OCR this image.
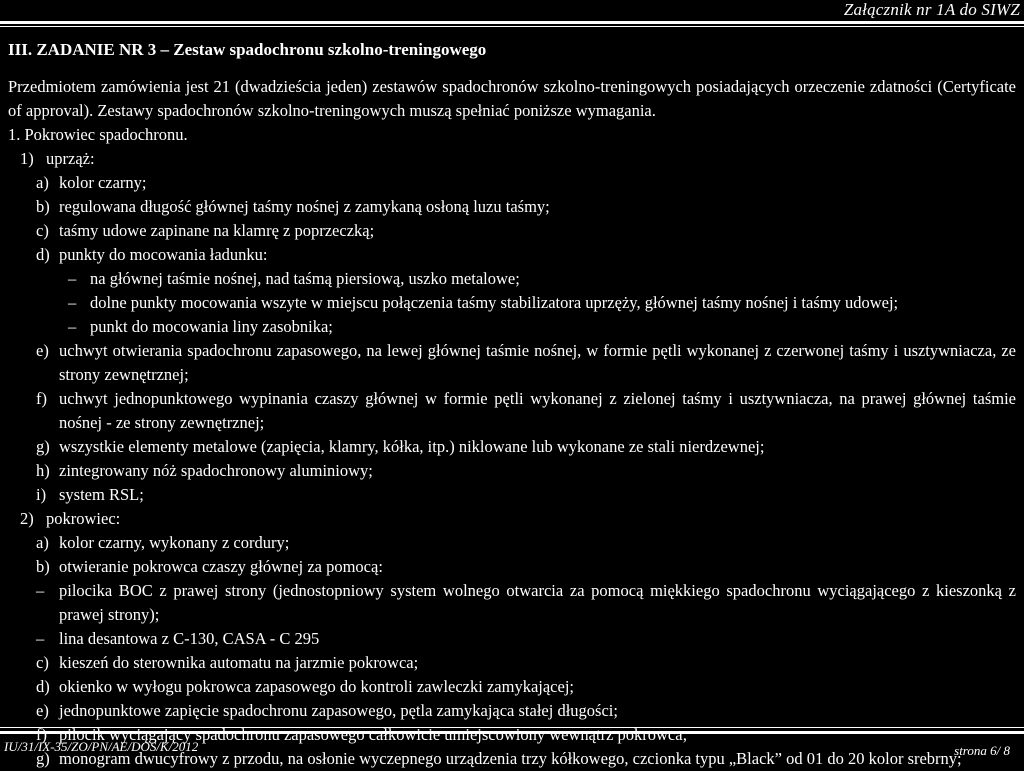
Załącznik nr 1A do SIWZ
III. ZADANIE NR 3 – Zestaw spadochronu szkolno-treningowego

Przedmiotem zamówienia jest 21 (dwadzieścia jeden) zestawów spadochronów szkolno-treningowych posiadających orzeczenie zdatności (Certyficate of approval). Zestawy spadochronów szkolno-treningowych muszą spełniać poniższe wymagania.

1. Pokrowiec spadochronu.

1) uprząż:
a) kolor czarny;
b) regulowana długość głównej taśmy nośnej z zamykaną osłoną luzu taśmy;
c) taśmy udowe zapinane na klamrę z poprzeczką;
d) punkty do mocowania ładunku:
– na głównej taśmie nośnej, nad taśmą piersiową, uszko metalowe;
– dolne punkty mocowania wszyte w miejscu połączenia taśmy stabilizatora uprzęży, głównej taśmy nośnej i taśmy udowej;
– punkt do mocowania liny zasobnika;
e) uchwyt otwierania spadochronu zapasowego, na lewej głównej taśmie nośnej, w formie pętli wykonanej z czerwonej taśmy i usztywniacza, ze strony zewnętrznej;
f) uchwyt jednopunktowego wypinania czaszy głównej w formie pętli wykonanej z zielonej taśmy i usztywniacza, na prawej głównej taśmie nośnej - ze strony zewnętrznej;
g) wszystkie elementy metalowe (zapięcia, klamry, kółka, itp.) niklowane lub wykonane ze stali nierdzewnej;
h) zintegrowany nóż spadochronowy aluminiowy;
i) system RSL;
2) pokrowiec:
a) kolor czarny, wykonany z cordury;
b) otwieranie pokrowca czaszy głównej za pomocą:
– pilocika BOC z prawej strony (jednostopniowy system wolnego otwarcia za pomocą miękkiego spadochronu wyciągającego z kieszonką z prawej strony);
– lina desantowa z C-130, CASA - C 295
c) kieszeń do sterownika automatu na jarzmie pokrowca;
d) okienko w wyłogu pokrowca zapasowego do kontroli zawleczki zamykającej;
e) jednopunktowe zapięcie spadochronu zapasowego, pętla zamykająca stałej długości;
f) pilocik wyciągający spadochronu zapasowego całkowicie umiejscowiony wewnątrz pokrowca;
g) monogram dwucyfrowy z przodu, na osłonie wyczepnego urządzenia trzy kółkowego, czcionka typu „Black” od 01 do 20 kolor srebrny;
IU/31/IX-35/ZO/PN/AE/DOS/K/2012	strona 6/ 8
